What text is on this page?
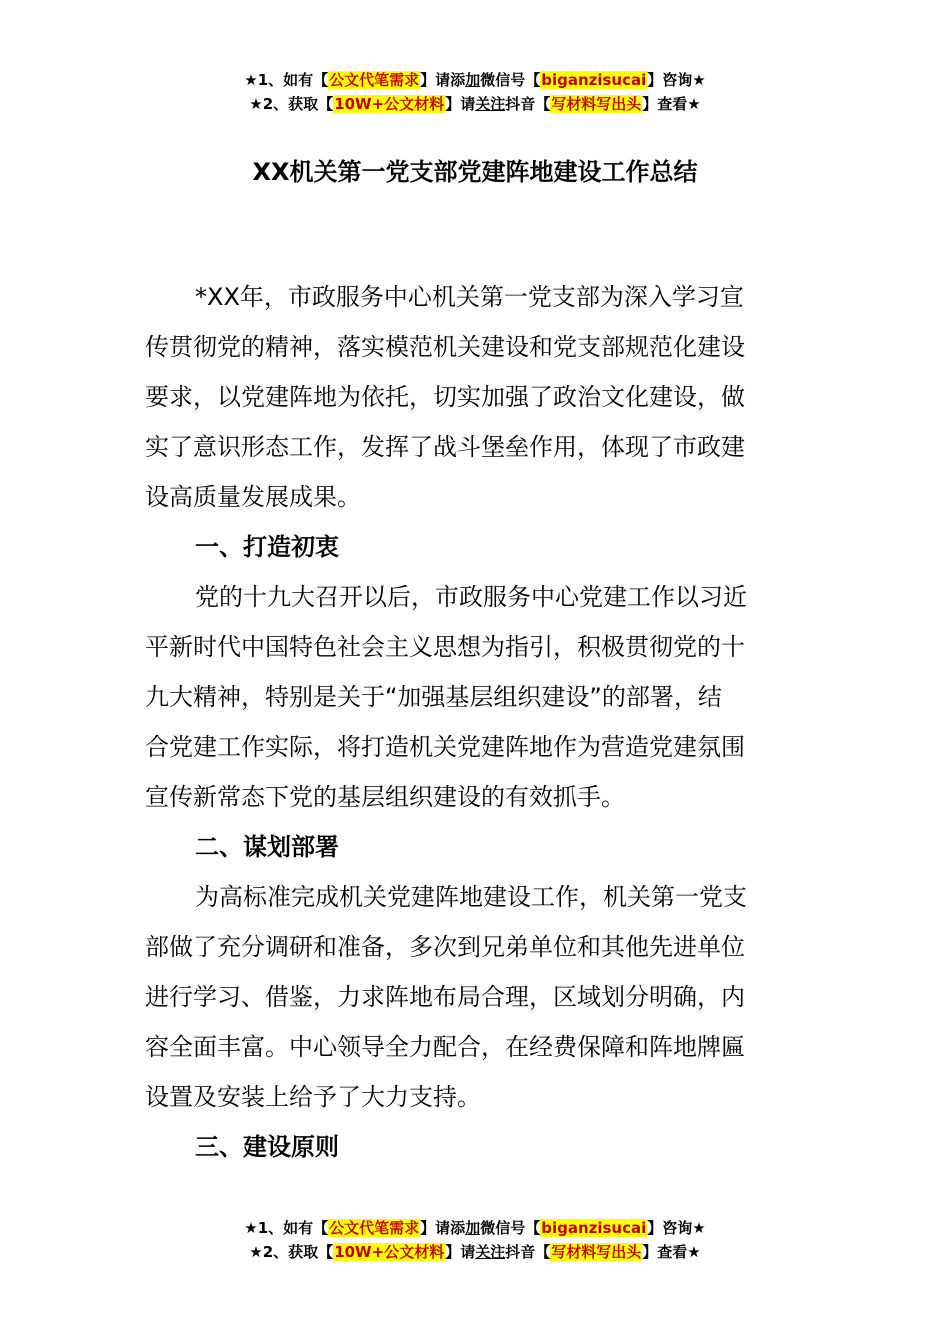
★1、如有【公文代笔需求】请添加微信号【biganzisucai】咨询★
★2、获取【10W+公文材料】请关注抖音【写材料写出头】查看★
XX机关第一党支部党建阵地建设工作总结
*XX年，市政服务中心机关第一党支部为深入学习宣
传贯彻党的精神，落实模范机关建设和党支部规范化建设
要求，以党建阵地为依托，切实加强了政治文化建设，做
实了意识形态工作，发挥了战斗堡垒作用，体现了市政建
设高质量发展成果。
一、打造初衷
党的十九大召开以后，市政服务中心党建工作以习近
平新时代中国特色社会主义思想为指引，积极贯彻党的十
九大精神，特别是关于“加强基层组织建设”的部署，结
合党建工作实际，将打造机关党建阵地作为营造党建氛围
宣传新常态下党的基层组织建设的有效抓手。
二、谋划部署
为高标准完成机关党建阵地建设工作，机关第一党支
部做了充分调研和准备，多次到兄弟单位和其他先进单位
进行学习、借鉴，力求阵地布局合理，区域划分明确，内
容全面丰富。中心领导全力配合，在经费保障和阵地牌匾
设置及安装上给予了大力支持。
三、建设原则
★1、如有【公文代笔需求】请添加微信号【biganzisucai】咨询★
★2、获取【10W+公文材料】请关注抖音【写材料写出头】查看★
